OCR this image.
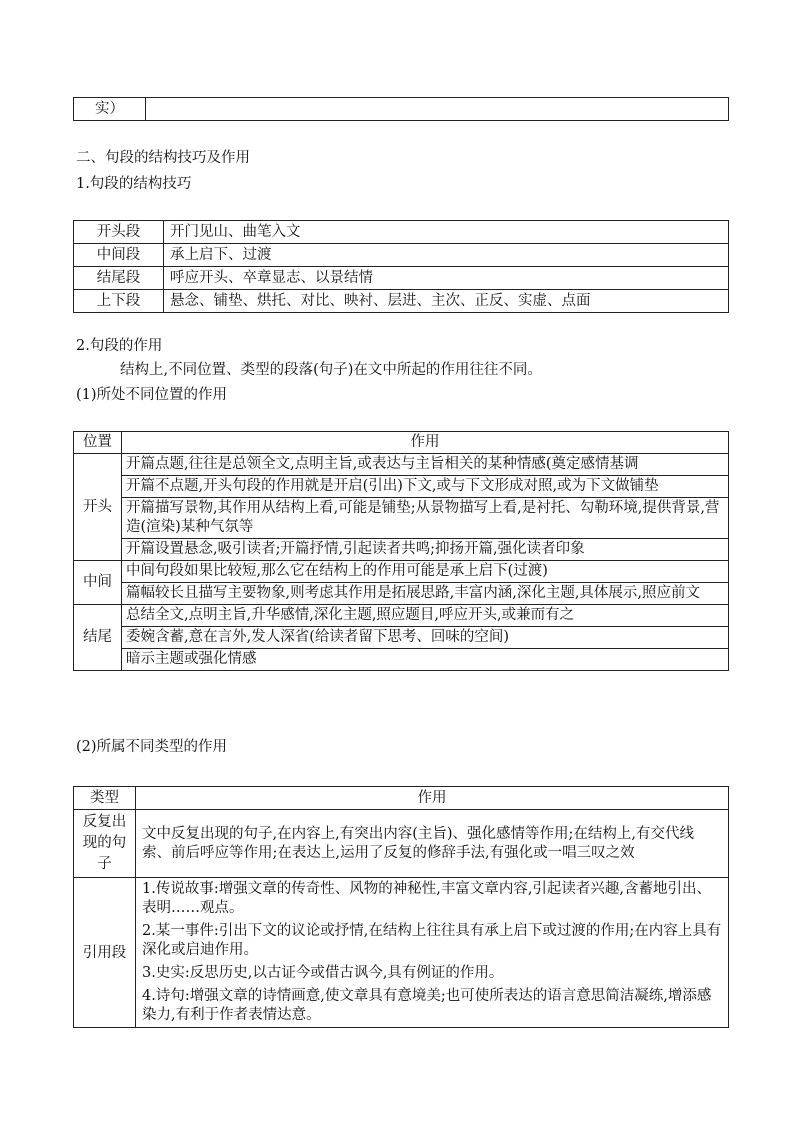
实）	
二、句段的结构技巧及作用
1.句段的结构技巧
开头段	开门见山、曲笔入文
中间段	承上启下、过渡
结尾段	呼应开头、卒章显志、以景结情
上下段	悬念、铺垫、烘托、对比、映衬、层进、主次、正反、实虚、点面
2.句段的作用
结构上,不同位置、类型的段落(句子)在文中所起的作用往往不同。
(1)所处不同位置的作用
位置	作用
开头	开篇点题,往往是总领全文,点明主旨,或表达与主旨相关的某种情感(奠定感情基调
	开篇不点题,开头句段的作用就是开启(引出)下文,或与下文形成对照,或为下文做铺垫
	开篇描写景物,其作用从结构上看,可能是铺垫;从景物描写上看,是衬托、勾勒环境,提供背景,营造(渲染)某种气氛等
	开篇设置悬念,吸引读者;开篇抒情,引起读者共鸣;抑扬开篇,强化读者印象
中间	中间句段如果比较短,那么它在结构上的作用可能是承上启下(过渡)
	篇幅较长且描写主要物象,则考虑其作用是拓展思路,丰富内涵,深化主题,具体展示,照应前文
结尾	总结全文,点明主旨,升华感情,深化主题,照应题目,呼应开头,或兼而有之
	委婉含蓄,意在言外,发人深省(给读者留下思考、回味的空间)
	暗示主题或强化情感
(2)所属不同类型的作用
类型	作用
反复出现的句子	文中反复出现的句子,在内容上,有突出内容(主旨)、强化感情等作用;在结构上,有交代线索、前后呼应等作用;在表达上,运用了反复的修辞手法,有强化或一唱三叹之效

引用段	1.传说故事:增强文章的传奇性、风物的神秘性,丰富文章内容,引起读者兴趣,含蓄地引出、表明……观点。
2.某一事件:引出下文的议论或抒情,在结构上往往具有承上启下或过渡的作用;在内容上具有深化或启迪作用。
3.史实:反思历史,以古证今或借古讽今,具有例证的作用。
4.诗句:增强文章的诗情画意,使文章具有意境美;也可使所表达的语言意思简洁凝练,增添感染力,有利于作者表情达意。
